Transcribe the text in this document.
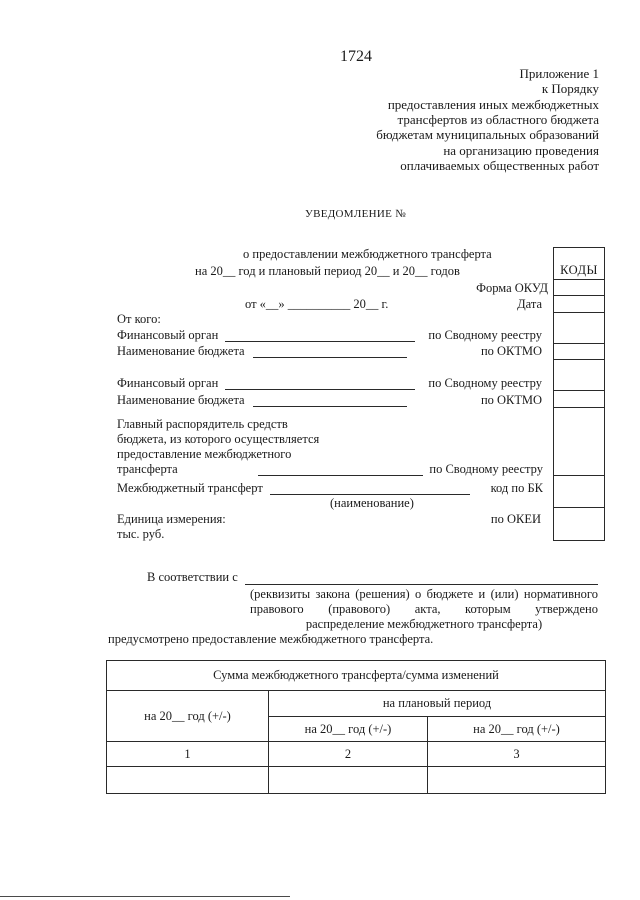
1724
Приложение 1
к Порядку
предоставления иных межбюджетных
трансфертов из областного бюджета
бюджетам муниципальных образований
на организацию проведения
оплачиваемых общественных работ
УВЕДОМЛЕНИЕ №
о предоставлении межбюджетного трансферта
на 20__ год и плановый период 20__ и 20__ годов
Форма ОКУД
от «__» __________ 20__ г.	Дата
От кого:
Финансовый орган	по Сводному реестру
Наименование бюджета	по ОКТМО
Финансовый орган	по Сводному реестру
Наименование бюджета	по ОКТМО
Главный распорядитель средств
бюджета, из которого осуществляется
предоставление межбюджетного
трансферта	по Сводному реестру
Межбюджетный трансферт	код по БК
(наименование)
Единица измерения:	по ОКЕИ
тыс. руб.
КОДЫ
В соответствии с
(реквизиты закона (решения) о бюджете и (или) нормативного
правового (правового) акта, которым утверждено
распределение межбюджетного трансферта)
предусмотрено предоставление межбюджетного трансферта.
Сумма межбюджетного трансферта/сумма изменений		
на 20__ год (+/-)	на плановый период	
	на 20__ год (+/-)	на 20__ год (+/-)
1	2	3
